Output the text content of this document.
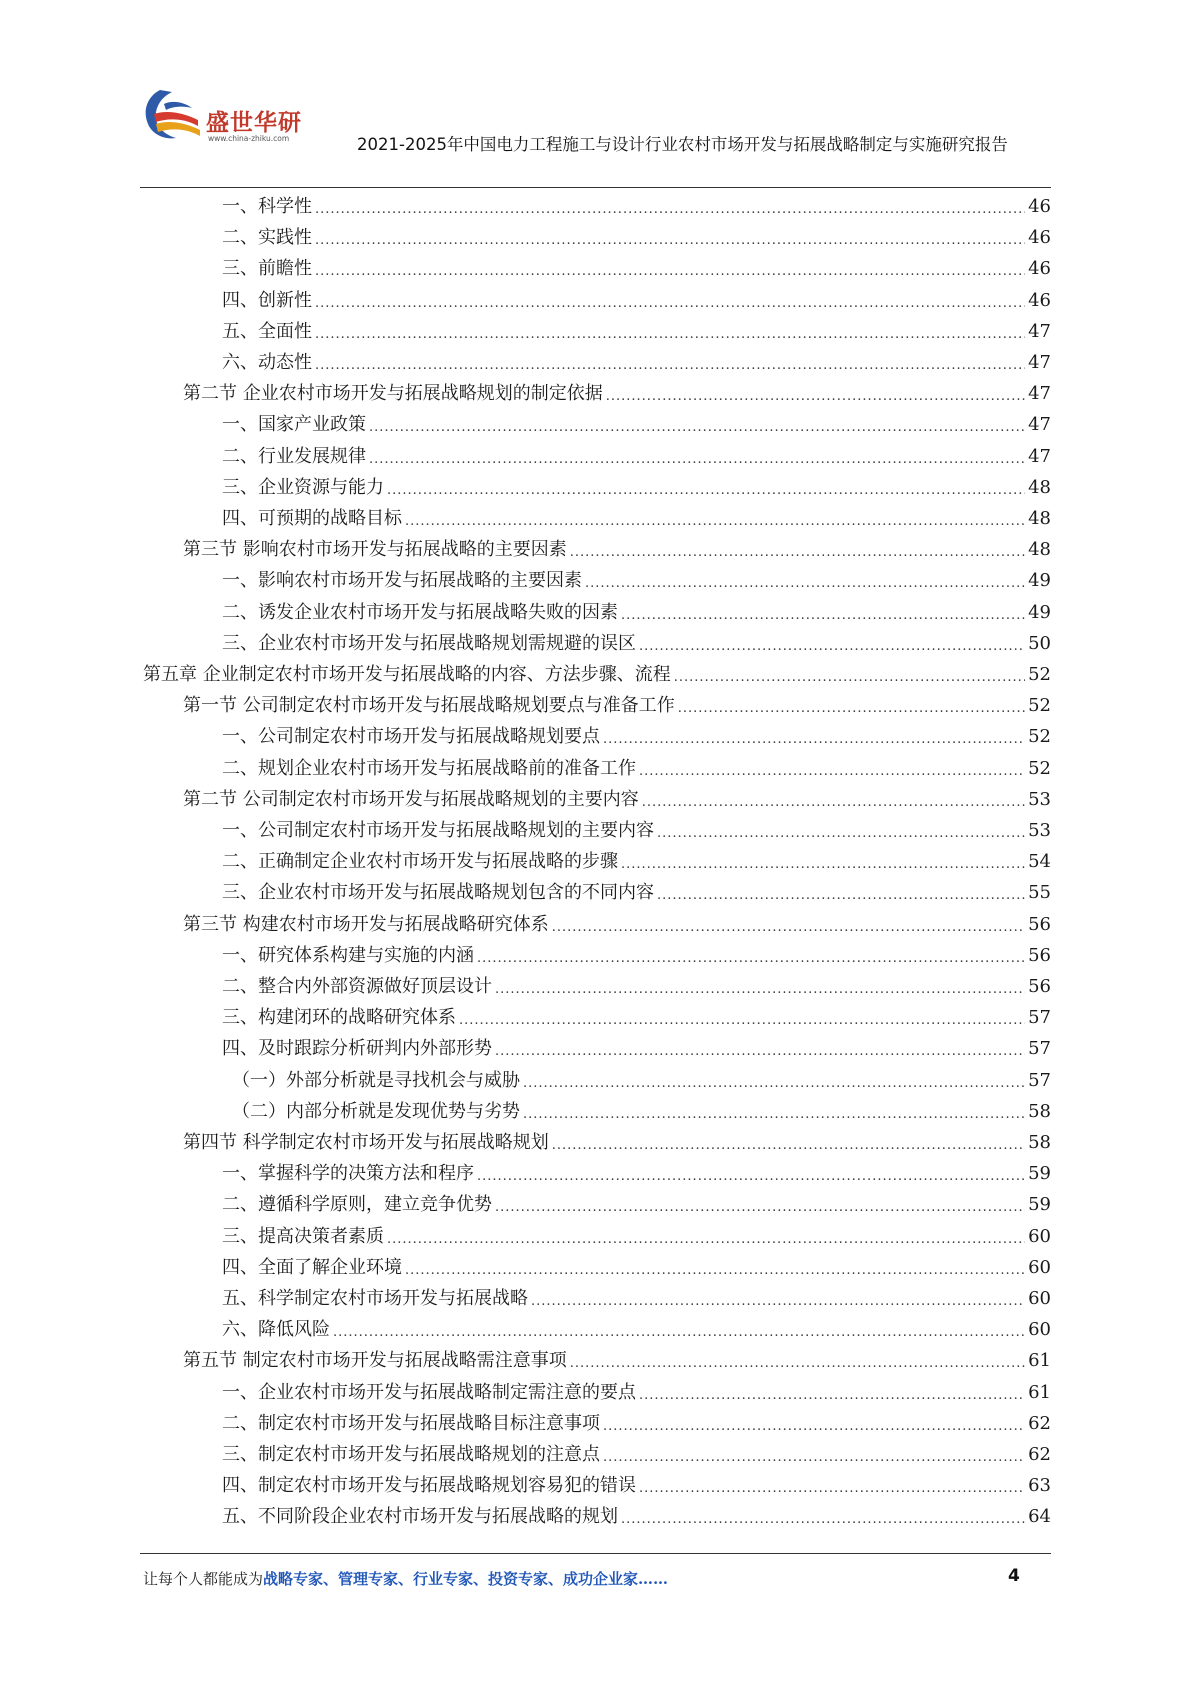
盛世华研
www.china-zhiku.com	2021-2025年中国电力工程施工与设计行业农村市场开发与拓展战略制定与实施研究报告
一、科学性 .....	46
二、实践性 .....	46
三、前瞻性 .....	46
四、创新性 .....	46
五、全面性 .....	47
六、动态性 .....	47
第二节 企业农村市场开发与拓展战略规划的制定依据 .....	47
一、国家产业政策 .....	47
二、行业发展规律 .....	47
三、企业资源与能力 .....	48
四、可预期的战略目标 .....	48
第三节 影响农村市场开发与拓展战略的主要因素 .....	48
一、影响农村市场开发与拓展战略的主要因素 .....	49
二、诱发企业农村市场开发与拓展战略失败的因素 .....	49
三、企业农村市场开发与拓展战略规划需规避的误区 .....	50
第五章 企业制定农村市场开发与拓展战略的内容、方法步骤、流程 .....	52
第一节 公司制定农村市场开发与拓展战略规划要点与准备工作 .....	52
一、公司制定农村市场开发与拓展战略规划要点 .....	52
二、规划企业农村市场开发与拓展战略前的准备工作 .....	52
第二节 公司制定农村市场开发与拓展战略规划的主要内容 .....	53
一、公司制定农村市场开发与拓展战略规划的主要内容 .....	53
二、正确制定企业农村市场开发与拓展战略的步骤 .....	54
三、企业农村市场开发与拓展战略规划包含的不同内容 .....	55
第三节 构建农村市场开发与拓展战略研究体系 .....	56
一、研究体系构建与实施的内涵 .....	56
二、整合内外部资源做好顶层设计 .....	56
三、构建闭环的战略研究体系 .....	57
四、及时跟踪分析研判内外部形势 .....	57
（一）外部分析就是寻找机会与威胁 .....	57
（二）内部分析就是发现优势与劣势 .....	58
第四节 科学制定农村市场开发与拓展战略规划 .....	58
一、掌握科学的决策方法和程序 .....	59
二、遵循科学原则，建立竞争优势 .....	59
三、提高决策者素质 .....	60
四、全面了解企业环境 .....	60
五、科学制定农村市场开发与拓展战略 .....	60
六、降低风险 .....	60
第五节 制定农村市场开发与拓展战略需注意事项 .....	61
一、企业农村市场开发与拓展战略制定需注意的要点 .....	61
二、制定农村市场开发与拓展战略目标注意事项 .....	62
三、制定农村市场开发与拓展战略规划的注意点 .....	62
四、制定农村市场开发与拓展战略规划容易犯的错误 .....	63
五、不同阶段企业农村市场开发与拓展战略的规划 .....	64
让每个人都能成为战略专家、管理专家、行业专家、投资专家、成功企业家……	4
